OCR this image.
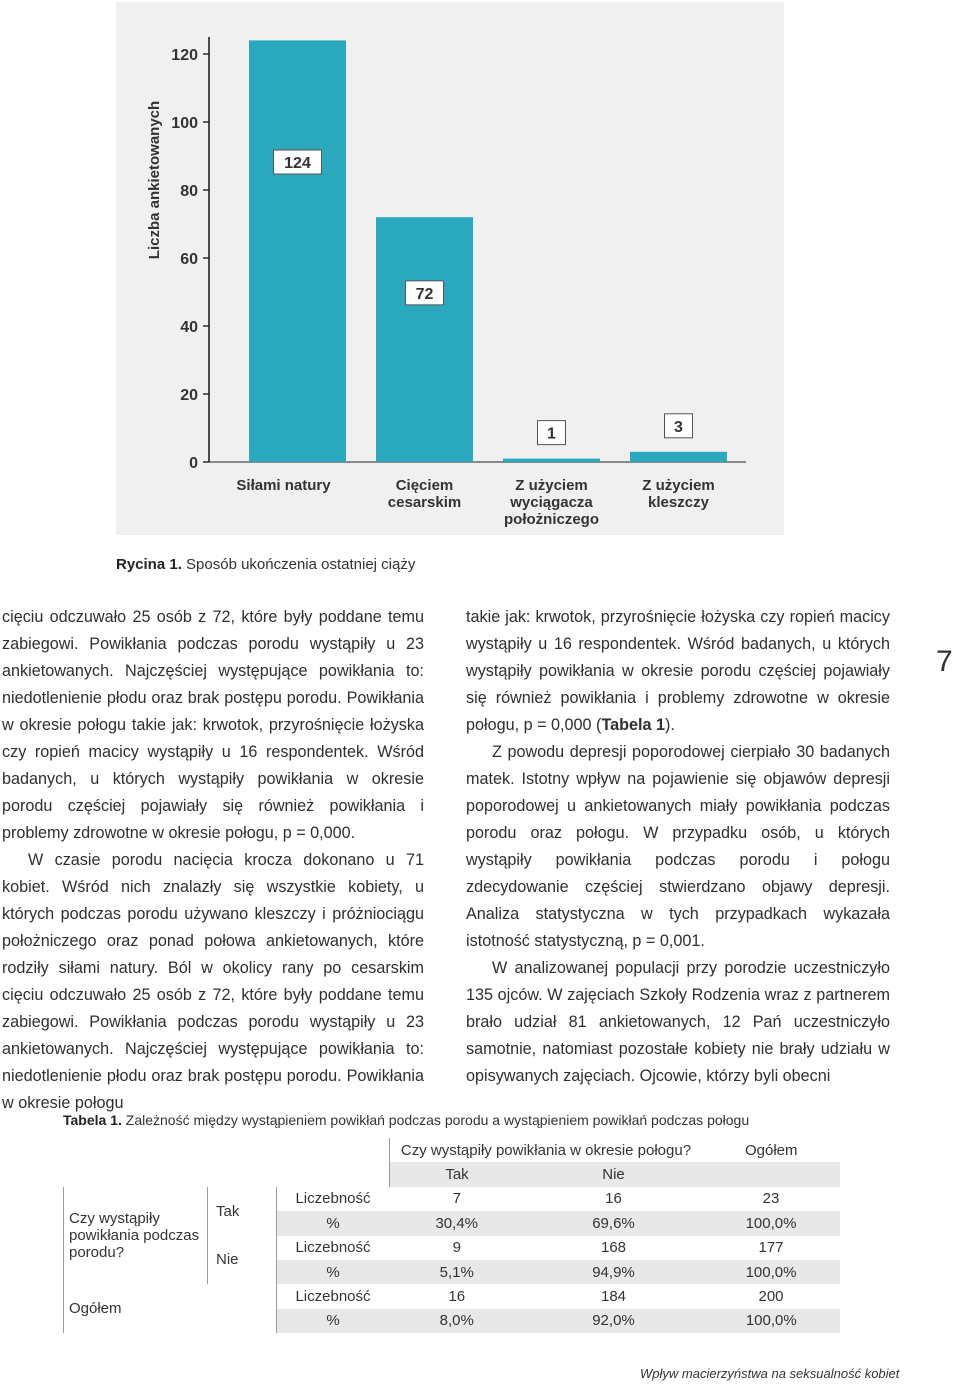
0
20
40
60
80
100
120
Liczba ankietowanych	124
Siłami natury
72
Cięciem
cesarskim
1
Z użyciem
wyciągacza
położniczego
3
Z użyciem
kleszczy
Rycina 1. Sposób ukończenia ostatniej ciąży

cięciu odczuwało 25 osób z 72, które były poddane temu zabiegowi. Powikłania podczas porodu wystąpiły u 23 ankietowanych. Najczęściej występujące powikłania to: niedotlenienie płodu oraz brak postępu porodu. Powikłania w okresie połogu takie jak: krwotok, przyrośnięcie łożyska czy ropień macicy wystąpiły u 16 respondentek. Wśród badanych, u których wystąpiły powikłania w okresie porodu częściej pojawiały się również powikłania i problemy zdrowotne w okresie połogu, p = 0,000.

W czasie porodu nacięcia krocza dokonano u 71 kobiet. Wśród nich znalazły się wszystkie kobiety, u których podczas porodu używano kleszczy i próżniociągu położniczego oraz ponad połowa ankietowanych, które rodziły siłami natury. Ból w okolicy rany po cesarskim cięciu odczuwało 25 osób z 72, które były poddane temu zabiegowi. Powikłania podczas porodu wystąpiły u 23 ankietowanych. Najczęściej występujące powikłania to: niedotlenienie płodu oraz brak postępu porodu. Powikłania w okresie połogu

takie jak: krwotok, przyrośnięcie łożyska czy ropień macicy wystąpiły u 16 respondentek. Wśród badanych, u których wystąpiły powikłania w okresie porodu częściej pojawiały się również powikłania i problemy zdrowotne w okresie połogu, p = 0,000 (Tabela 1).

Z powodu depresji poporodowej cierpiało 30 badanych matek. Istotny wpływ na pojawienie się objawów depresji poporodowej u ankietowanych miały powikłania podczas porodu oraz połogu. W przypadku osób, u których wystąpiły powikłania podczas porodu i połogu zdecydowanie częściej stwierdzano objawy depresji. Analiza statystyczna w tych przypadkach wykazała istotność statystyczną, p = 0,001.

W analizowanej populacji przy porodzie uczestniczyło 135 ojców. W zajęciach Szkoły Rodzenia wraz z partnerem brało udział 81 ankietowanych, 12 Pań uczestniczyło samotnie, natomiast pozostałe kobiety nie brały udziału w opisywanych zajęciach. Ojcowie, którzy byli obecni

7
Tabela 1. Zależność między wystąpieniem powikłań podczas porodu a wystąpieniem powikłań podczas połogu
			Czy wystąpiły powikłania w okresie połogu?		Ogółem
			Tak	Nie	
Czy wystąpiły powikłania podczas porodu?	Tak	Liczebność	7	16	23
		%	30,4%	69,6%	100,0%
	Nie	Liczebność	9	168	177
		%	5,1%	94,9%	100,0%
Ogółem		Liczebność	16	184	200
		%	8,0%	92,0%	100,0%
Wpływ macierzyństwa na seksualność kobiet
